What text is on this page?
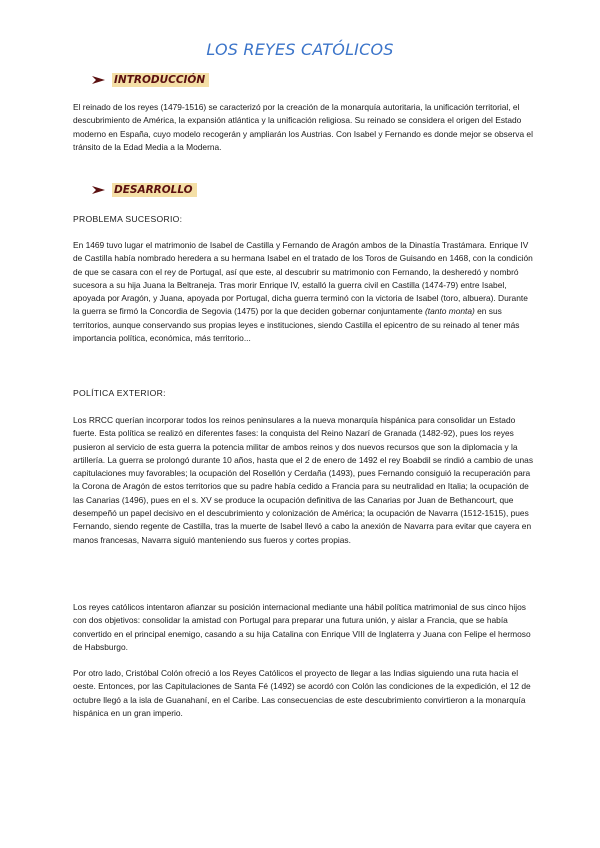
LOS REYES CATÓLICOS
INTRODUCCIÓN
El reinado de los reyes (1479-1516) se caracterizó por la creación de la monarquía autoritaria, la unificación territorial, el descubrimiento de América, la expansión atlántica y la unificación religiosa. Su reinado se considera el origen del Estado moderno en España, cuyo modelo recogerán y ampliarán los Austrias. Con Isabel y Fernando es donde mejor se observa el tránsito de la Edad Media a la Moderna.
DESARROLLO
PROBLEMA SUCESORIO:
En 1469 tuvo lugar el matrimonio de Isabel de Castilla y Fernando de Aragón ambos de la Dinastía Trastámara. Enrique IV de Castilla había nombrado heredera a su hermana Isabel en el tratado de los Toros de Guisando en 1468, con la condición de que se casara con el rey de Portugal, así que este, al descubrir su matrimonio con Fernando, la desheredó y nombró sucesora a su hija Juana la Beltraneja. Tras morir Enrique IV, estalló la guerra civil en Castilla (1474-79) entre Isabel, apoyada por Aragón, y Juana, apoyada por Portugal, dicha guerra terminó con la victoria de Isabel (toro, albuera). Durante la guerra se firmó la Concordia de Segovia (1475) por la que deciden gobernar conjuntamente (tanto monta) en sus territorios, aunque conservando sus propias leyes e instituciones, siendo Castilla el epicentro de su reinado al tener más importancia política, económica, más territorio...
POLÍTICA EXTERIOR:
Los RRCC querían incorporar todos los reinos peninsulares a la nueva monarquía hispánica para consolidar un Estado fuerte. Esta política se realizó en diferentes fases: la conquista del Reino Nazarí de Granada (1482-92), pues los reyes pusieron al servicio de esta guerra la potencia militar de ambos reinos y dos nuevos recursos que son la diplomacia y la artillería. La guerra se prolongó durante 10 años, hasta que el 2 de enero de 1492 el rey Boabdil se rindió a cambio de unas capitulaciones muy favorables; la ocupación del Rosellón y Cerdaña (1493), pues Fernando consiguió la recuperación para la Corona de Aragón de estos territorios que su padre había cedido a Francia para su neutralidad en Italia; la ocupación de las Canarias (1496), pues en el s. XV se produce la ocupación definitiva de las Canarias por Juan de Bethancourt, que desempeñó un papel decisivo en el descubrimiento y colonización de América; la ocupación de Navarra (1512-1515), pues Fernando, siendo regente de Castilla, tras la muerte de Isabel llevó a cabo la anexión de Navarra para evitar que cayera en manos francesas, Navarra siguió manteniendo sus fueros y cortes propias.
Los reyes católicos intentaron afianzar su posición internacional mediante una hábil política matrimonial de sus cinco hijos con dos objetivos: consolidar la amistad con Portugal para preparar una futura unión, y aislar a Francia, que se había convertido en el principal enemigo, casando a su hija Catalina con Enrique VIII de Inglaterra y Juana con Felipe el hermoso de Habsburgo.
Por otro lado, Cristóbal Colón ofreció a los Reyes Católicos el proyecto de llegar a las Indias siguiendo una ruta hacia el oeste. Entonces, por las Capitulaciones de Santa Fé (1492) se acordó con Colón las condiciones de la expedición, el 12 de octubre llegó a la isla de Guanahaní, en el Caribe. Las consecuencias de este descubrimiento convirtieron a la monarquía hispánica en un gran imperio.
